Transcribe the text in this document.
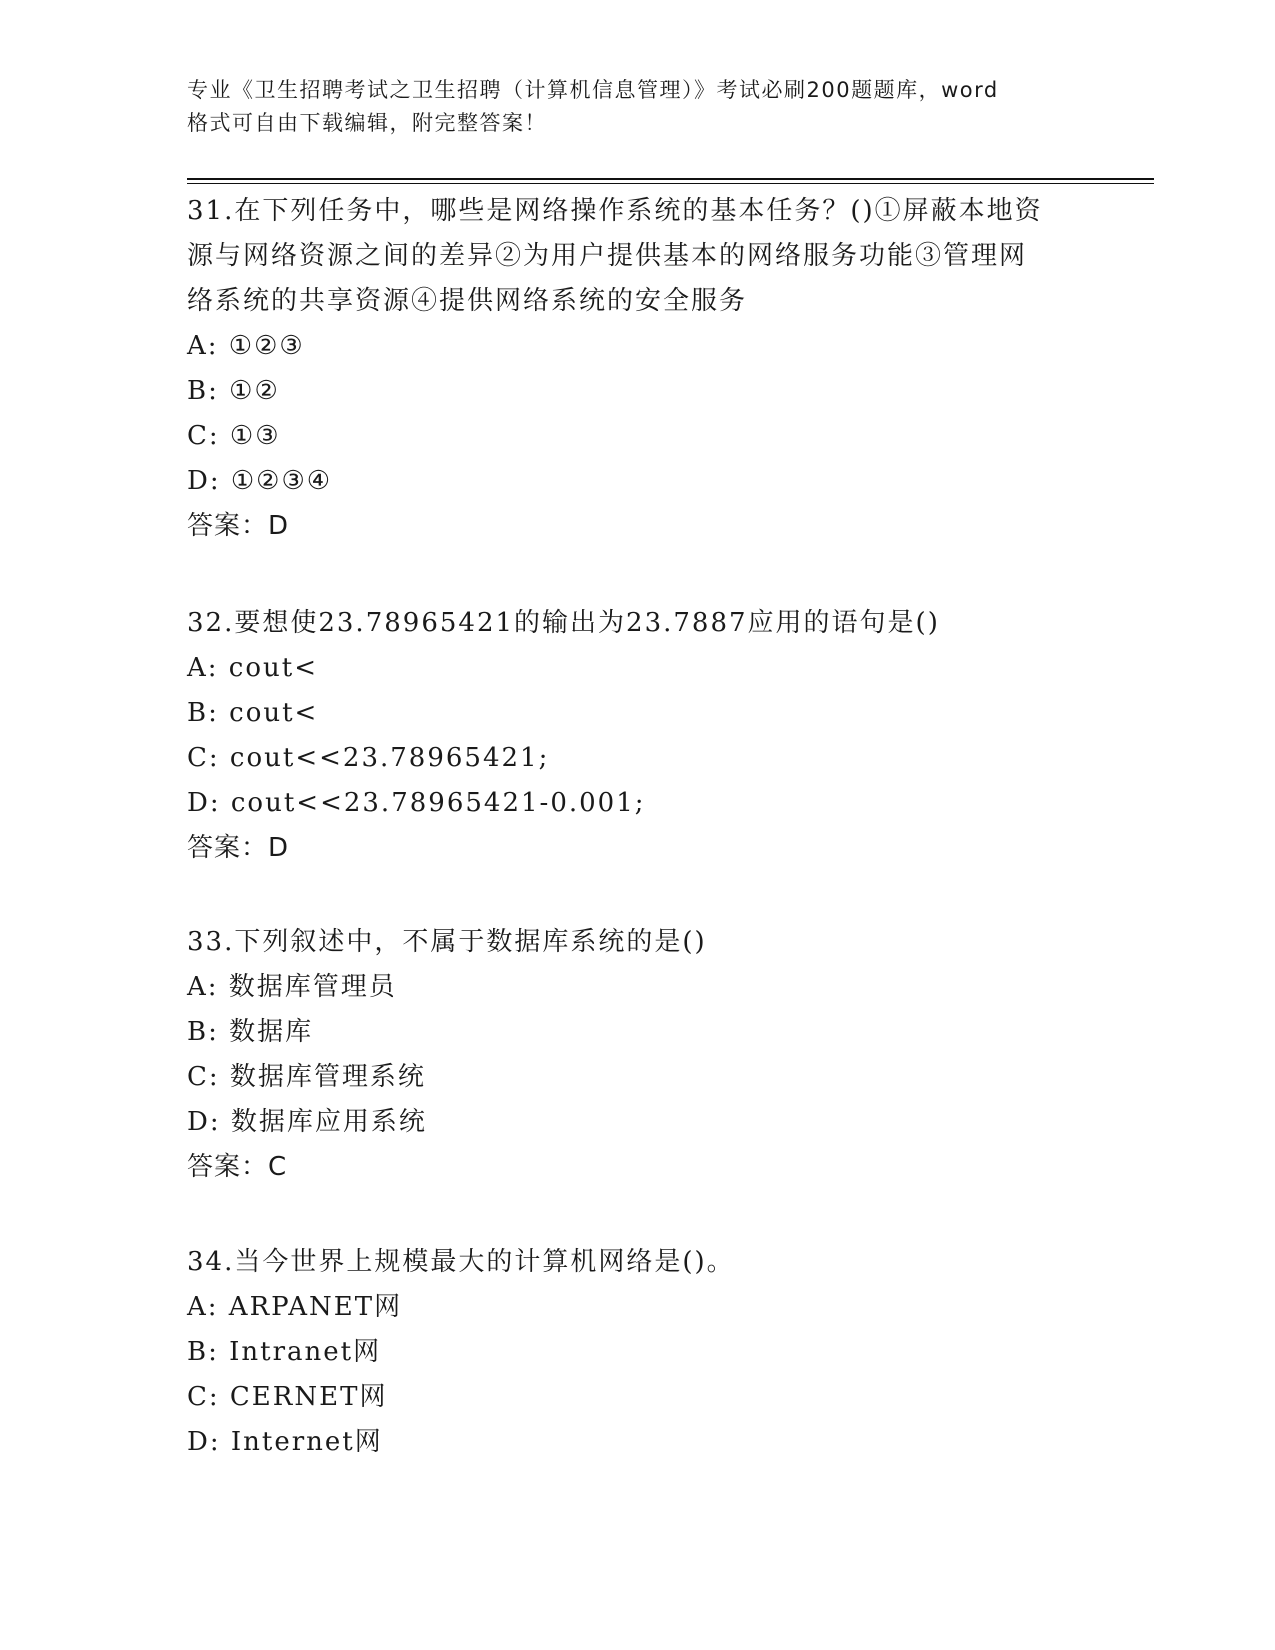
专业《卫生招聘考试之卫生招聘（计算机信息管理）》考试必刷200题题库，word
格式可自由下载编辑，附完整答案！
31.在下列任务中，哪些是网络操作系统的基本任务？()①屏蔽本地资
源与网络资源之间的差异②为用户提供基本的网络服务功能③管理网
络系统的共享资源④提供网络系统的安全服务
A: ①②③
B: ①②
C: ①③
D: ①②③④
答案：D
32.要想使23.78965421的输出为23.7887应用的语句是()
A: cout<
B: cout<
C: cout<<23.78965421;
D: cout<<23.78965421-0.001;
答案：D
33.下列叙述中，不属于数据库系统的是()
A: 数据库管理员
B: 数据库
C: 数据库管理系统
D: 数据库应用系统
答案：C
34.当今世界上规模最大的计算机网络是()。
A: ARPANET网
B: Intranet网
C: CERNET网
D: Internet网
